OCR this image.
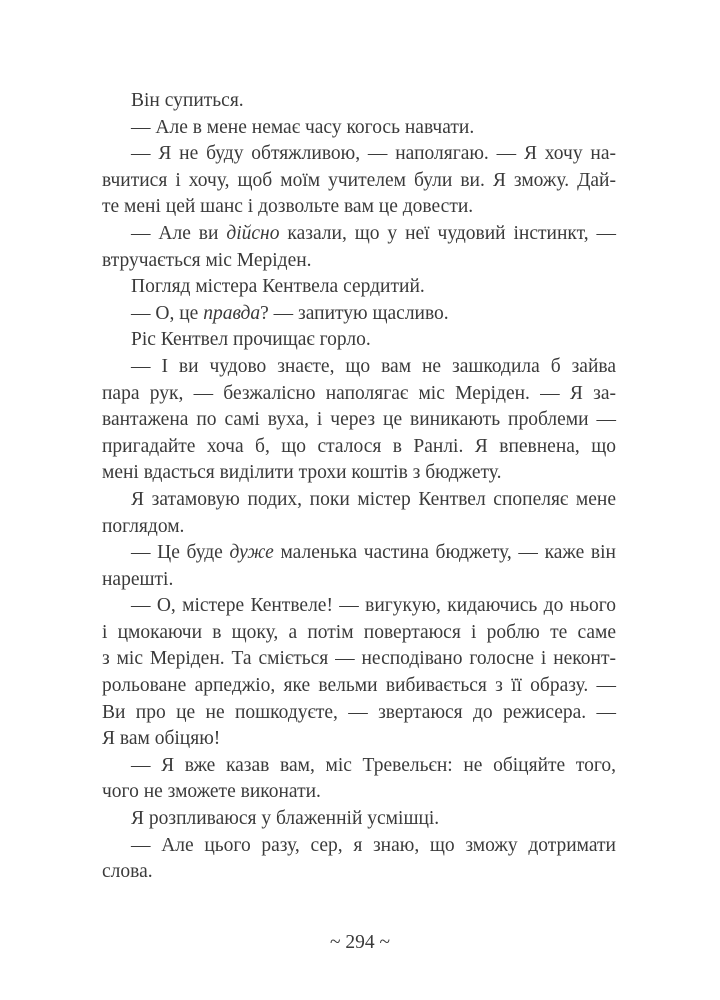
Він супиться.
— Але в мене немає часу когось навчати.
— Я не буду обтяжливою, — наполягаю. — Я хочу на-
вчитися і хочу, щоб моїм учителем були ви. Я зможу. Дай-
те мені цей шанс і дозвольте вам це довести.
— Але ви дійсно казали, що у неї чудовий інстинкт, —
втручається міс Меріден.
Погляд містера Кентвела сердитий.
— О, це правда? — запитую щасливо.
Ріс Кентвел прочищає горло.
— І ви чудово знаєте, що вам не зашкодила б зайва
пара рук, — безжалісно наполягає міс Меріден. — Я за-
вантажена по самі вуха, і через це виникають проблеми —
пригадайте хоча б, що сталося в Ранлі. Я впевнена, що
мені вдасться виділити трохи коштів з бюджету.
Я затамовую подих, поки містер Кентвел спопеляє мене
поглядом.
— Це буде дуже маленька частина бюджету, — каже він
нарешті.
— О, містере Кентвеле! — вигукую, кидаючись до нього
і цмокаючи в щоку, а потім повертаюся і роблю те саме
з міс Меріден. Та сміється — несподівано голосне і неконт-
рольоване арпеджіо, яке вельми вибивається з її образу. —
Ви про це не пошкодуєте, — звертаюся до режисера. —
Я вам обіцяю!
— Я вже казав вам, міс Тревельєн: не обіцяйте того,
чого не зможете виконати.
Я розпливаюся у блаженній усмішці.
— Але цього разу, сер, я знаю, що зможу дотримати
слова.
~ 294 ~
